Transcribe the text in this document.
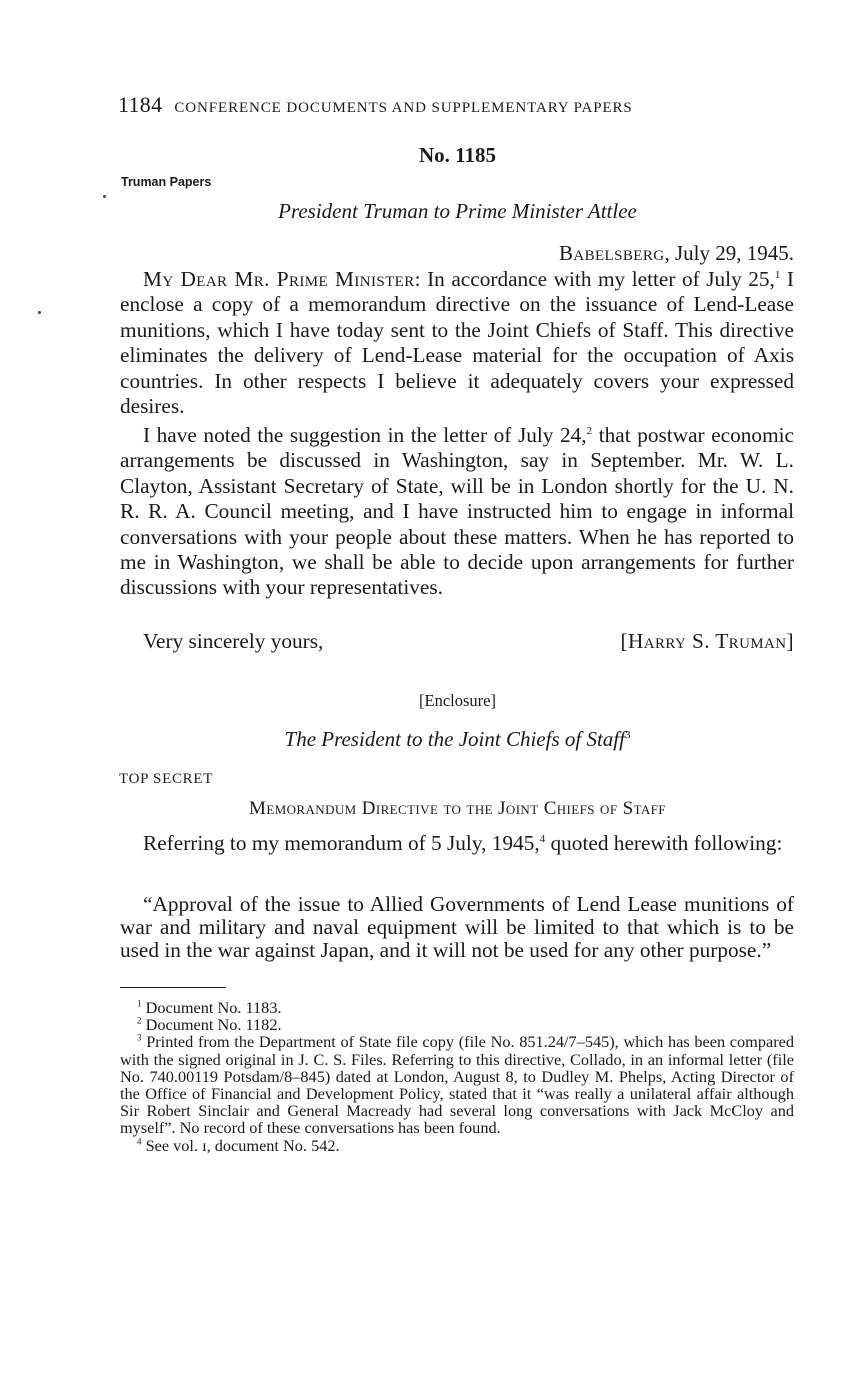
1184 CONFERENCE DOCUMENTS AND SUPPLEMENTARY PAPERS
No. 1185
Truman Papers
President Truman to Prime Minister Attlee
Babelsberg, July 29, 1945.

My Dear Mr. Prime Minister: In accordance with my letter of July 25,$^1$ I enclose a copy of a memorandum directive on the issuance of Lend-Lease munitions, which I have today sent to the Joint Chiefs of Staff. This directive eliminates the delivery of Lend-Lease material for the occupation of Axis countries. In other respects I believe it adequately covers your expressed desires.

I have noted the suggestion in the letter of July 24,$^2$ that postwar economic arrangements be discussed in Washington, say in September. Mr. W. L. Clayton, Assistant Secretary of State, will be in London shortly for the U. N. R. R. A. Council meeting, and I have instructed him to engage in informal conversations with your people about these matters. When he has reported to me in Washington, we shall be able to decide upon arrangements for further discussions with your representatives.

Very sincerely yours,	[Harry S. Truman]
[Enclosure]
The President to the Joint Chiefs of Staff$^3$
TOP SECRET
Memorandum Directive to the Joint Chiefs of Staff

Referring to my memorandum of 5 July, 1945,$^4$ quoted herewith following:

“Approval of the issue to Allied Governments of Lend Lease munitions of war and military and naval equipment will be limited to that which is to be used in the war against Japan, and it will not be used for any other purpose.”

$^1$ Document No. 1183.

$^2$ Document No. 1182.

$^3$ Printed from the Department of State file copy (file No. 851.24/7–545), which has been compared with the signed original in J. C. S. Files. Referring to this directive, Collado, in an informal letter (file No. 740.00119 Potsdam/8–845) dated at London, August 8, to Dudley M. Phelps, Acting Director of the Office of Financial and Development Policy, stated that it “was really a unilateral affair although Sir Robert Sinclair and General Macready had several long conversations with Jack McCloy and myself”. No record of these conversations has been found.

$^4$ See vol. ɪ, document No. 542.
